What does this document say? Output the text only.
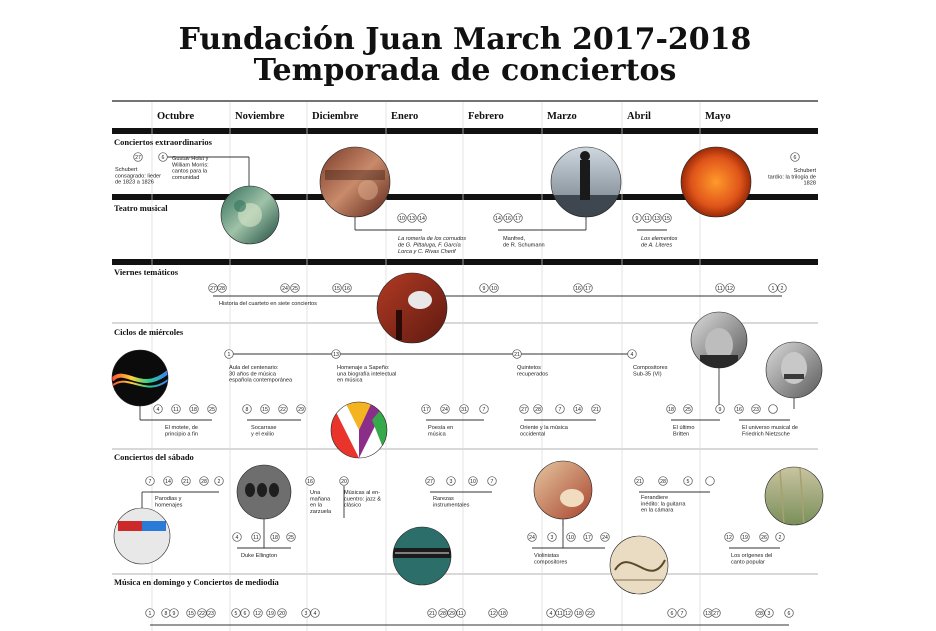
Fundación Juan March 2017-2018
Temporada de conciertos
Octubre	Noviembre	Diciembre	Enero	Febrero	Marzo	Abril	Mayo
Conciertos extraordinarios
Teatro musical
Viernes temáticos
Ciclos de miércoles
Conciertos del sábado
Música en domingo y Conciertos de mediodía
Schubert
consagrado: lieder
de 1823 a 1826
Gustav Holst y
William Morris:
cantos para la
comunidad
Schubert
tardío: la trilogía de
1828
La romería de los cornudos
de G. Pittaluga, F. García
Lorca y C. Rivas Cherif
Manfred,
de R. Schumann
Los elementos
de A. Literes
Historia del cuarteto en siete conciertos
Aula del centenario:
30 años de música
española contemporánea
Homenaje a Sapeño:
una biografía intelectual
en música
Quintetos
recuperados
Compositores
Sub-35 (VI)
El motete, de
principio a fin
Socarrase
y el exilio
Poesía en
música
Oriente y la música
occidental
El último
Britten
El universo musical de
Friedrich Nietzsche
Parodias y
homenajes
Duke Ellington
Una
mañana
en la
zarzuela
Músicas al en-
cuentro: jazz &
clásico
Rarezas
instrumentales
Violinistas
compositores
Ferandiere
inédito: la guitarra
en la cámara
Los orígenes del
canto popular
27	6	6
10 13 14	14 16 17	9 11 13 15
27 28	24 25	15 16	9 10	16 17	11 12	1 2
1	13	21	4
4	11 18 25	8	15 22 29	17	24	31	7	27 28	7	14 21	18 25	9	16 23
7	14 21 28 2	16	20	27	3	10	7	21	28	5
4	11	18 25	24	3	10 17 24	12 19	26 2
1	8 9 15 22 23	5 6 12 19 20	3 4	21 28 29 11	12 18	4 11 12 18 22	6 7	13 27	28 3	6
